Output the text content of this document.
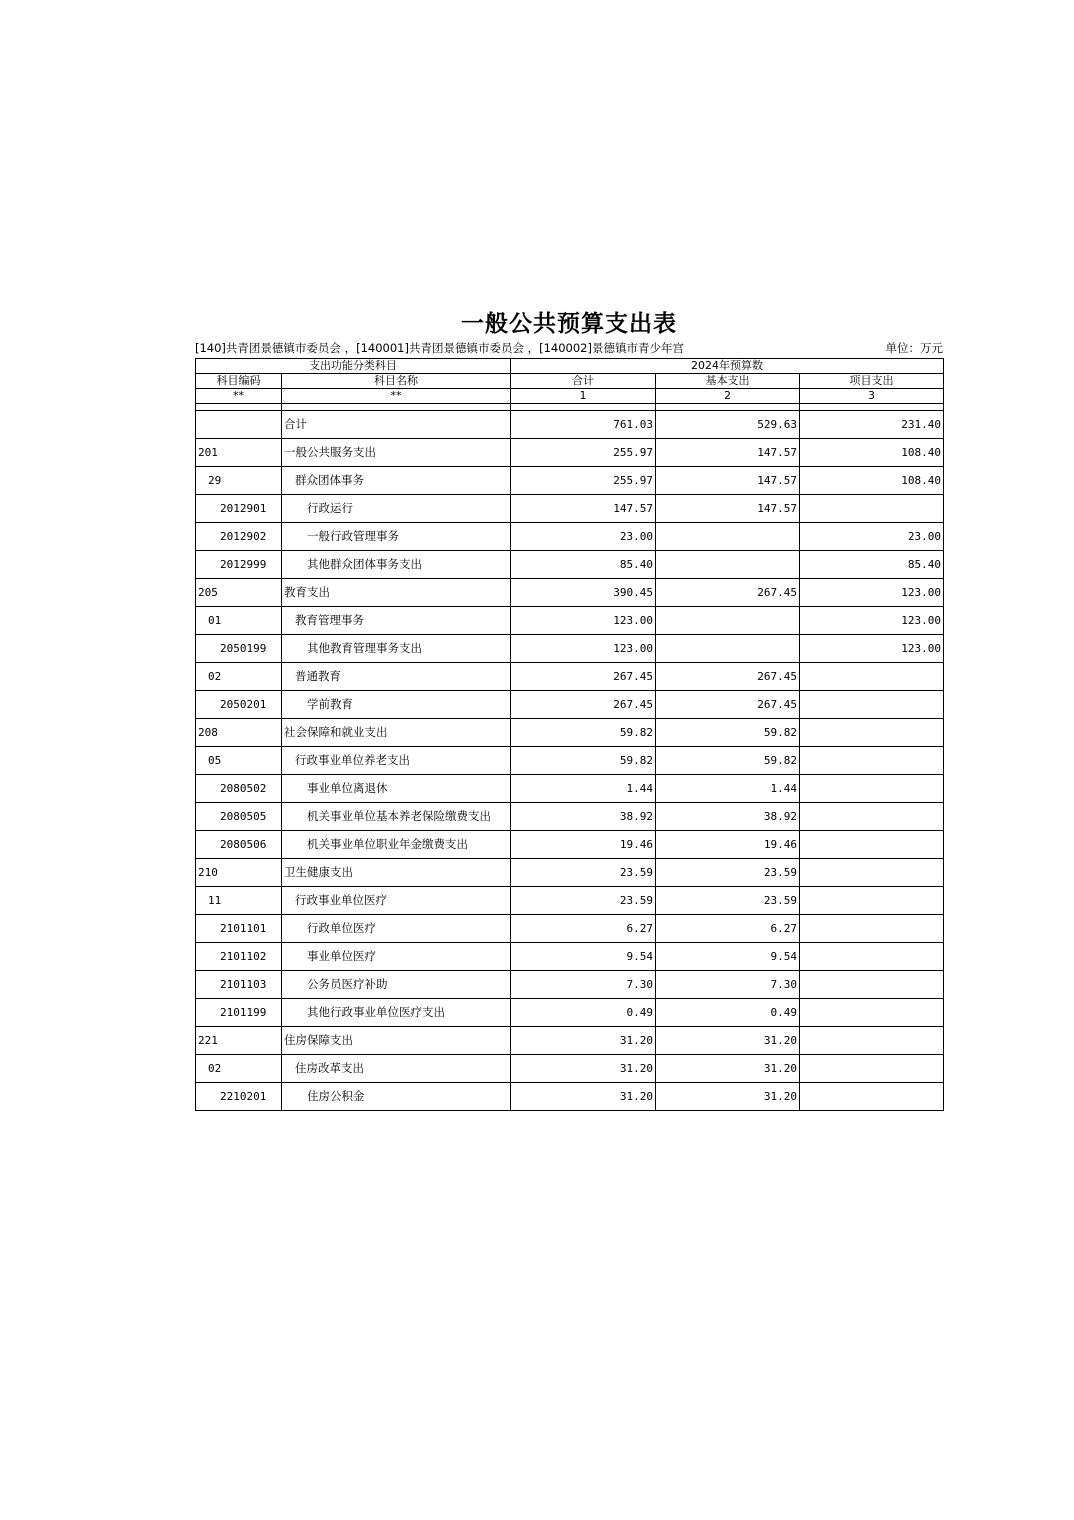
一般公共预算支出表
[140]共青团景德镇市委员会 ，[140001]共青团景德镇市委员会 ，[140002]景德镇市青少年宫	单位：万元
支出功能分类科目		2024年预算数		
科目编码	科目名称	合计	基本支出	项目支出
**	**	1	2	3

	合计	761.03	529.63	231.40
201	一般公共服务支出	255.97	147.57	108.40
29	群众团体事务	255.97	147.57	108.40
2012901	行政运行	147.57	147.57	
2012902	一般行政管理事务	23.00		23.00
2012999	其他群众团体事务支出	85.40		85.40
205	教育支出	390.45	267.45	123.00
01	教育管理事务	123.00		123.00
2050199	其他教育管理事务支出	123.00		123.00
02	普通教育	267.45	267.45	
2050201	学前教育	267.45	267.45	
208	社会保障和就业支出	59.82	59.82	
05	行政事业单位养老支出	59.82	59.82	
2080502	事业单位离退休	1.44	1.44	
2080505	机关事业单位基本养老保险缴费支出	38.92	38.92	
2080506	机关事业单位职业年金缴费支出	19.46	19.46	
210	卫生健康支出	23.59	23.59	
11	行政事业单位医疗	23.59	23.59	
2101101	行政单位医疗	6.27	6.27	
2101102	事业单位医疗	9.54	9.54	
2101103	公务员医疗补助	7.30	7.30	
2101199	其他行政事业单位医疗支出	0.49	0.49	
221	住房保障支出	31.20	31.20	
02	住房改革支出	31.20	31.20	
2210201	住房公积金	31.20	31.20	
